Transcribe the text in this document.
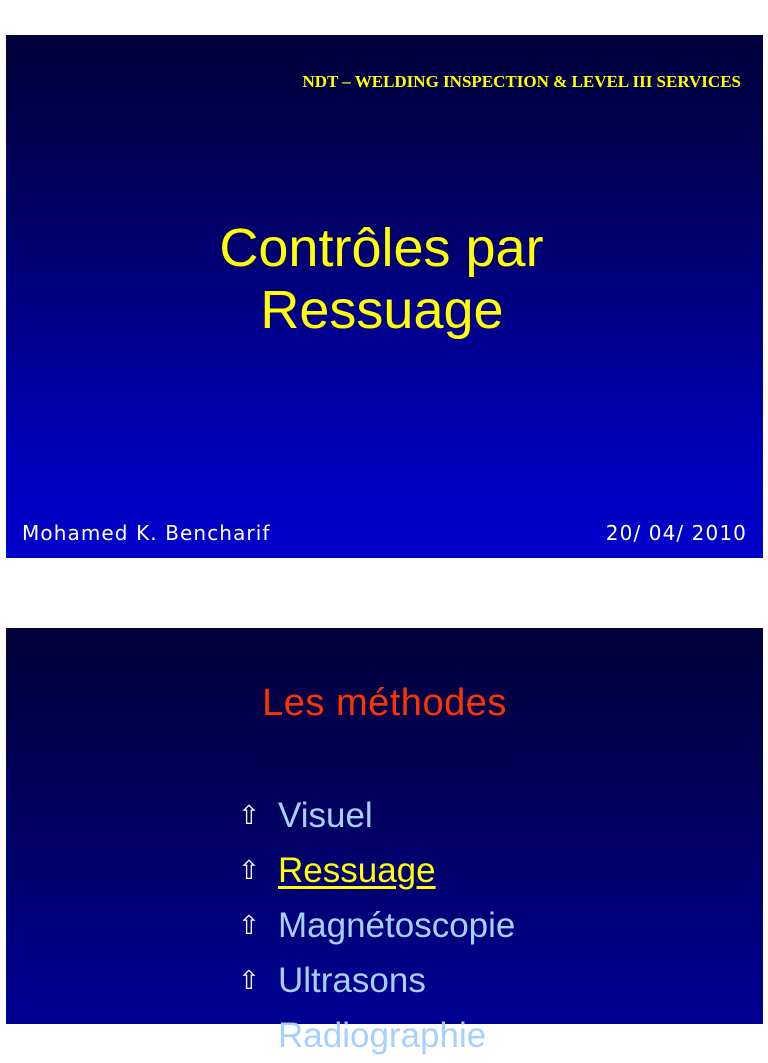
NDT – WELDING INSPECTION & LEVEL III SERVICES
Contrôles par
Ressuage
Mohamed K. Bencharif	20/ 04/ 2010
Les méthodes
⇧ Visuel
⇧ Ressuage
⇧ Magnétoscopie
⇧ Ultrasons
⇧ Radiographie
